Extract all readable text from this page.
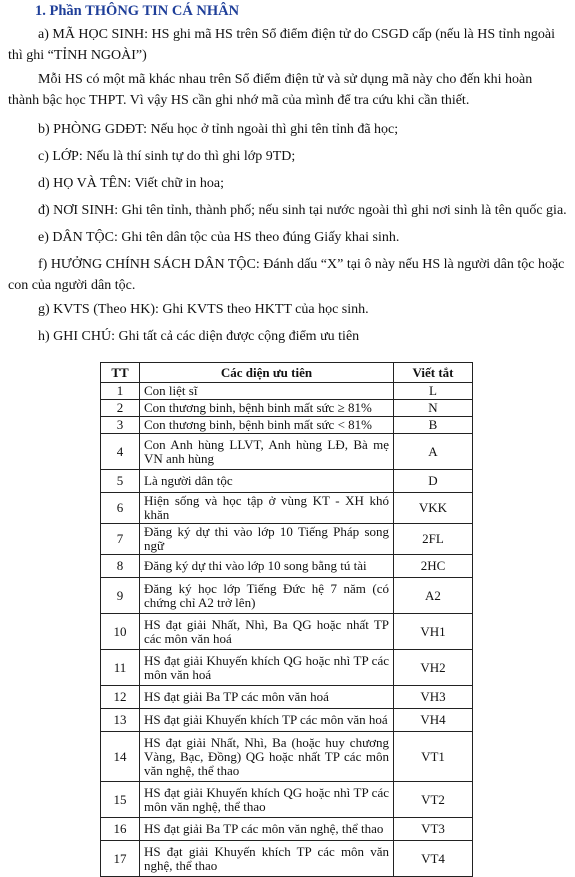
1. Phần THÔNG TIN CÁ NHÂN
a) MÃ HỌC SINH: HS ghi mã HS trên Sổ điểm điện tử do CSGD cấp (nếu là HS tỉnh ngoài thì ghi “TỈNH NGOÀI”)
Mỗi HS có một mã khác nhau trên Sổ điểm điện tử và sử dụng mã này cho đến khi hoàn thành bậc học THPT. Vì vậy HS cần ghi nhớ mã của mình để tra cứu khi cần thiết.
b) PHÒNG GDĐT: Nếu học ở tỉnh ngoài thì ghi tên tỉnh đã học;
c) LỚP: Nếu là thí sinh tự do thì ghi lớp 9TD;
d) HỌ VÀ TÊN: Viết chữ in hoa;
đ) NƠI SINH: Ghi tên tỉnh, thành phố; nếu sinh tại nước ngoài thì ghi nơi sinh là tên quốc gia.
e) DÂN TỘC: Ghi tên dân tộc của HS theo đúng Giấy khai sinh.
f) HƯỞNG CHÍNH SÁCH DÂN TỘC: Đánh dấu “X” tại ô này nếu HS là người dân tộc hoặc con của người dân tộc.
g) KVTS (Theo HK): Ghi KVTS theo HKTT của học sinh.
h) GHI CHÚ: Ghi tất cả các diện được cộng điểm ưu tiên
TT	Các diện ưu tiên	Viết tắt
1	Con liệt sĩ	L
2	Con thương binh, bệnh binh mất sức ≥ 81%	N
3	Con thương binh, bệnh binh mất sức < 81%	B
4	Con Anh hùng LLVT, Anh hùng LĐ, Bà mẹ VN anh hùng	A
5	Là người dân tộc	D
6	Hiện sống và học tập ở vùng KT - XH khó khăn	VKK
7	Đăng ký dự thi vào lớp 10 Tiếng Pháp song ngữ	2FL
8	Đăng ký dự thi vào lớp 10 song bằng tú tài	2HC
9	Đăng ký học lớp Tiếng Đức hệ 7 năm (có chứng chỉ A2 trở lên)	A2
10	HS đạt giải Nhất, Nhì, Ba QG hoặc nhất TP các môn văn hoá	VH1
11	HS đạt giải Khuyến khích QG hoặc nhì TP các môn văn hoá	VH2
12	HS đạt giải Ba TP các môn văn hoá	VH3
13	HS đạt giải Khuyến khích TP các môn văn hoá	VH4
14	HS đạt giải Nhất, Nhì, Ba (hoặc huy chương Vàng, Bạc, Đồng) QG hoặc nhất TP các môn văn nghệ, thể thao	VT1
15	HS đạt giải Khuyến khích QG hoặc nhì TP các môn văn nghệ, thể thao	VT2
16	HS đạt giải Ba TP các môn văn nghệ, thể thao	VT3
17	HS đạt giải Khuyến khích TP các môn văn nghệ, thể thao	VT4
